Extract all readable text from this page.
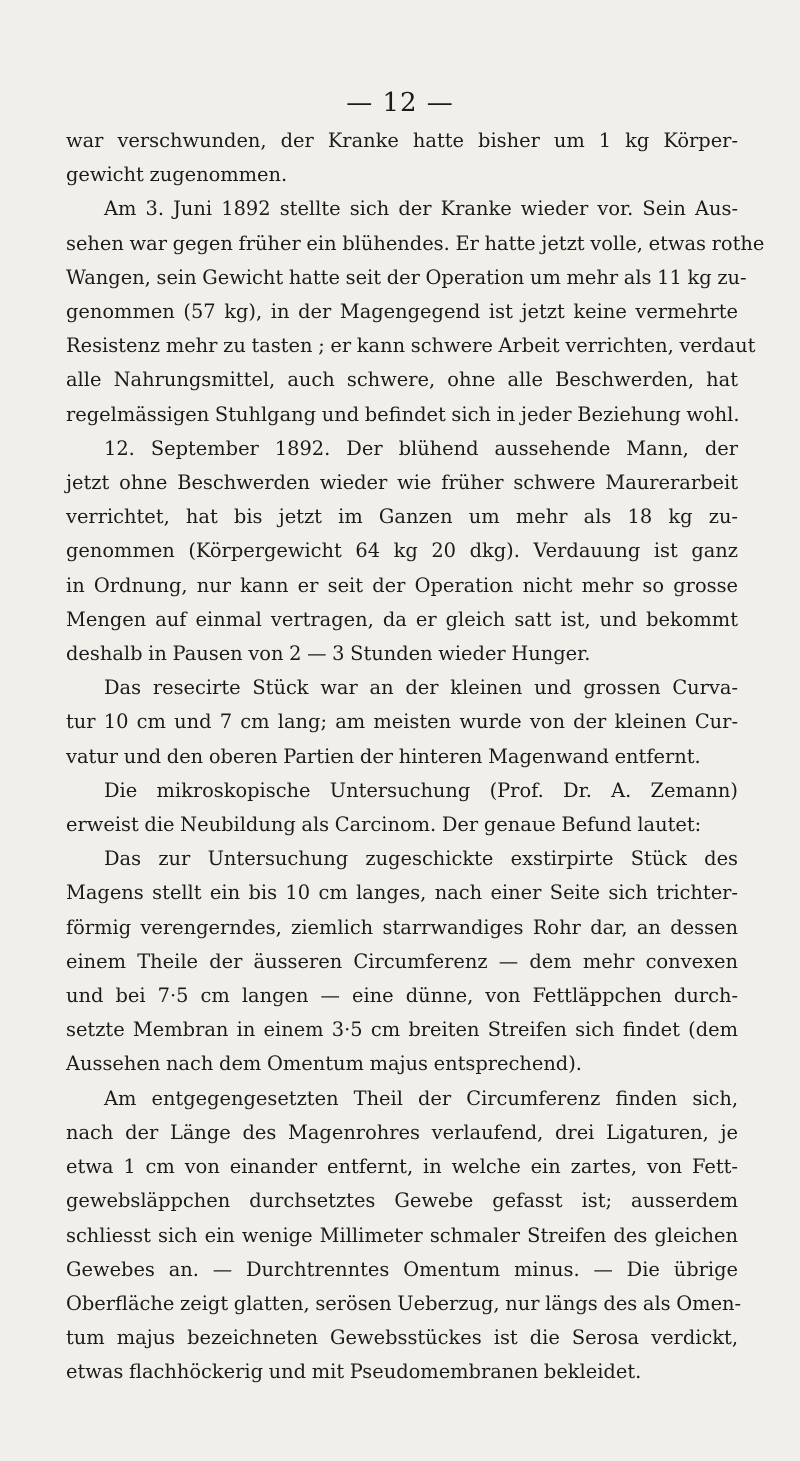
— 12 —
war verschwunden, der Kranke hatte bisher um 1 kg Körper-
gewicht zugenommen.
Am 3. Juni 1892 stellte sich der Kranke wieder vor. Sein Aus-
sehen war gegen früher ein blühendes. Er hatte jetzt volle, etwas rothe
Wangen, sein Gewicht hatte seit der Operation um mehr als 11 kg zu-
genommen (57 kg), in der Magengegend ist jetzt keine vermehrte
Resistenz mehr zu tasten ; er kann schwere Arbeit verrichten, verdaut
alle Nahrungsmittel, auch schwere, ohne alle Beschwerden, hat
regelmässigen Stuhlgang und befindet sich in jeder Beziehung wohl.
12. September 1892. Der blühend aussehende Mann, der
jetzt ohne Beschwerden wieder wie früher schwere Maurerarbeit
verrichtet, hat bis jetzt im Ganzen um mehr als 18 kg zu-
genommen (Körpergewicht 64 kg 20 dkg). Verdauung ist ganz
in Ordnung, nur kann er seit der Operation nicht mehr so grosse
Mengen auf einmal vertragen, da er gleich satt ist, und bekommt
deshalb in Pausen von 2 — 3 Stunden wieder Hunger.
Das resecirte Stück war an der kleinen und grossen Curva-
tur 10 cm und 7 cm lang; am meisten wurde von der kleinen Cur-
vatur und den oberen Partien der hinteren Magenwand entfernt.
Die mikroskopische Untersuchung (Prof. Dr. A. Zemann)
erweist die Neubildung als Carcinom. Der genaue Befund lautet:
Das zur Untersuchung zugeschickte exstirpirte Stück des
Magens stellt ein bis 10 cm langes, nach einer Seite sich trichter-
förmig verengerndes, ziemlich starrwandiges Rohr dar, an dessen
einem Theile der äusseren Circumferenz — dem mehr convexen
und bei 7·5 cm langen — eine dünne, von Fettläppchen durch-
setzte Membran in einem 3·5 cm breiten Streifen sich findet (dem
Aussehen nach dem Omentum majus entsprechend).
Am entgegengesetzten Theil der Circumferenz finden sich,
nach der Länge des Magenrohres verlaufend, drei Ligaturen, je
etwa 1 cm von einander entfernt, in welche ein zartes, von Fett-
gewebsläppchen durchsetztes Gewebe gefasst ist; ausserdem
schliesst sich ein wenige Millimeter schmaler Streifen des gleichen
Gewebes an. — Durchtrenntes Omentum minus. — Die übrige
Oberfläche zeigt glatten, serösen Ueberzug, nur längs des als Omen-
tum majus bezeichneten Gewebsstückes ist die Serosa verdickt,
etwas flachhöckerig und mit Pseudomembranen bekleidet.
